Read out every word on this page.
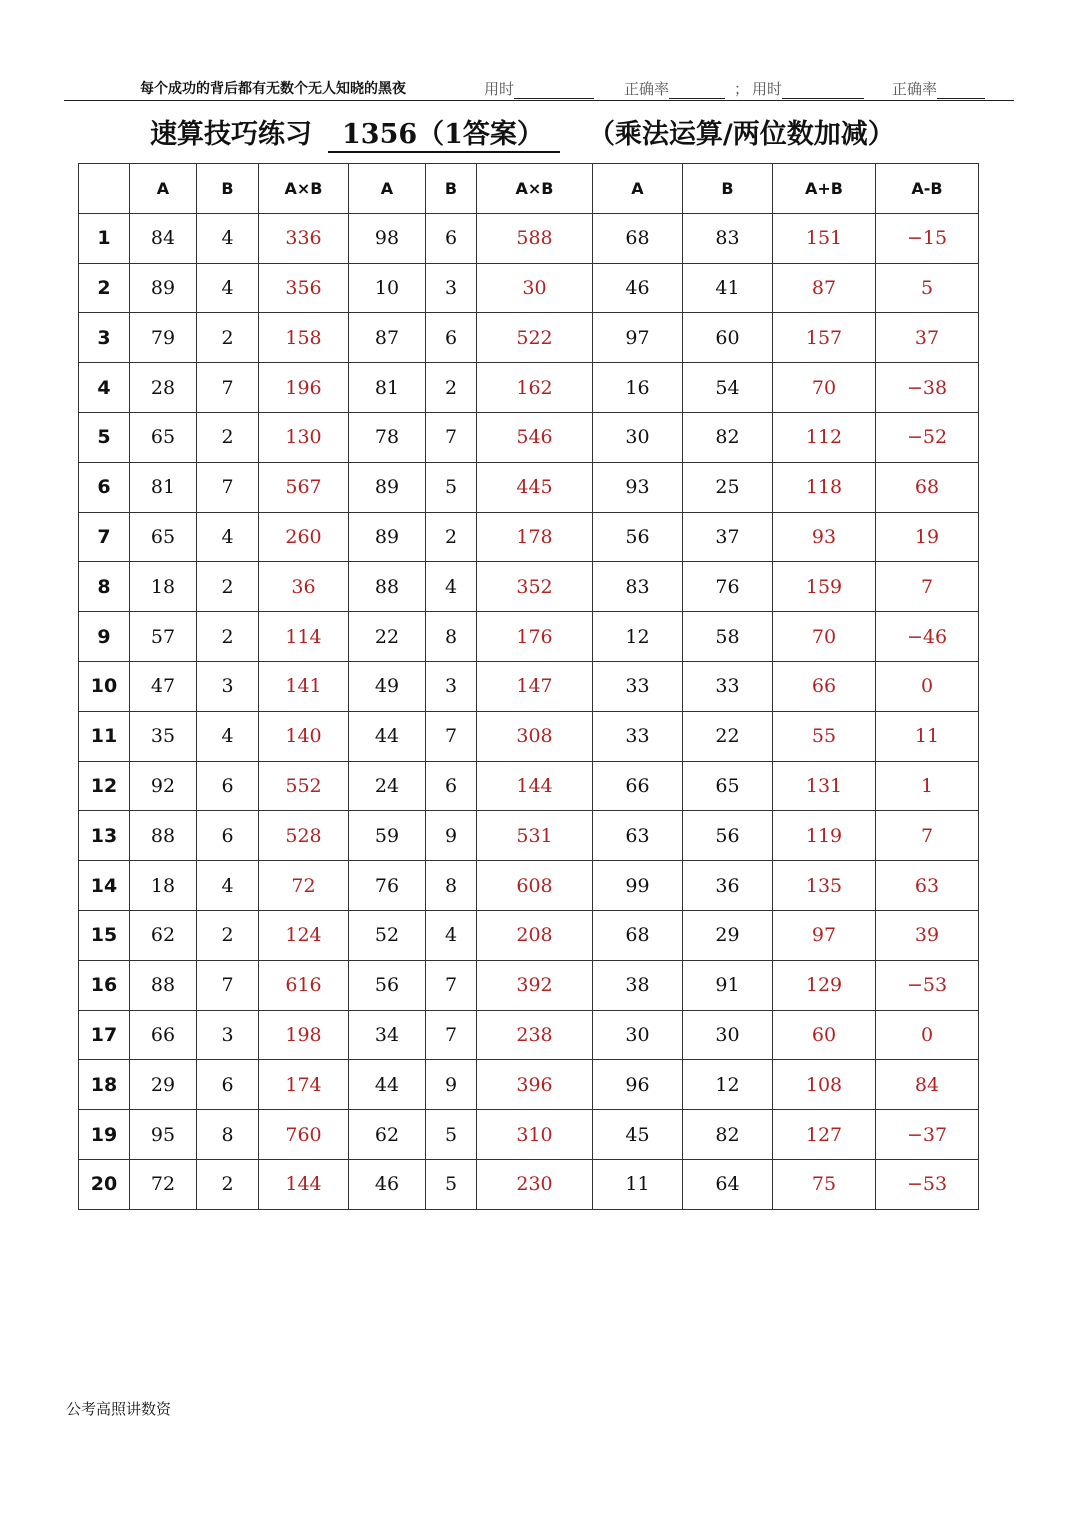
每个成功的背后都有无数个无人知晓的黑夜	用时	正确率	； 用时	正确率
速算技巧练习 1356（1答案） （乘法运算/两位数加减）
	A	B	A×B	A	B	A×B	A	B	A+B	A-B
1	84	4	336	98	6	588	68	83	151	−15
2	89	4	356	10	3	30	46	41	87	5
3	79	2	158	87	6	522	97	60	157	37
4	28	7	196	81	2	162	16	54	70	−38
5	65	2	130	78	7	546	30	82	112	−52
6	81	7	567	89	5	445	93	25	118	68
7	65	4	260	89	2	178	56	37	93	19
8	18	2	36	88	4	352	83	76	159	7
9	57	2	114	22	8	176	12	58	70	−46
10	47	3	141	49	3	147	33	33	66	0
11	35	4	140	44	7	308	33	22	55	11
12	92	6	552	24	6	144	66	65	131	1
13	88	6	528	59	9	531	63	56	119	7
14	18	4	72	76	8	608	99	36	135	63
15	62	2	124	52	4	208	68	29	97	39
16	88	7	616	56	7	392	38	91	129	−53
17	66	3	198	34	7	238	30	30	60	0
18	29	6	174	44	9	396	96	12	108	84
19	95	8	760	62	5	310	45	82	127	−37
20	72	2	144	46	5	230	11	64	75	−53
公考高照讲数资
